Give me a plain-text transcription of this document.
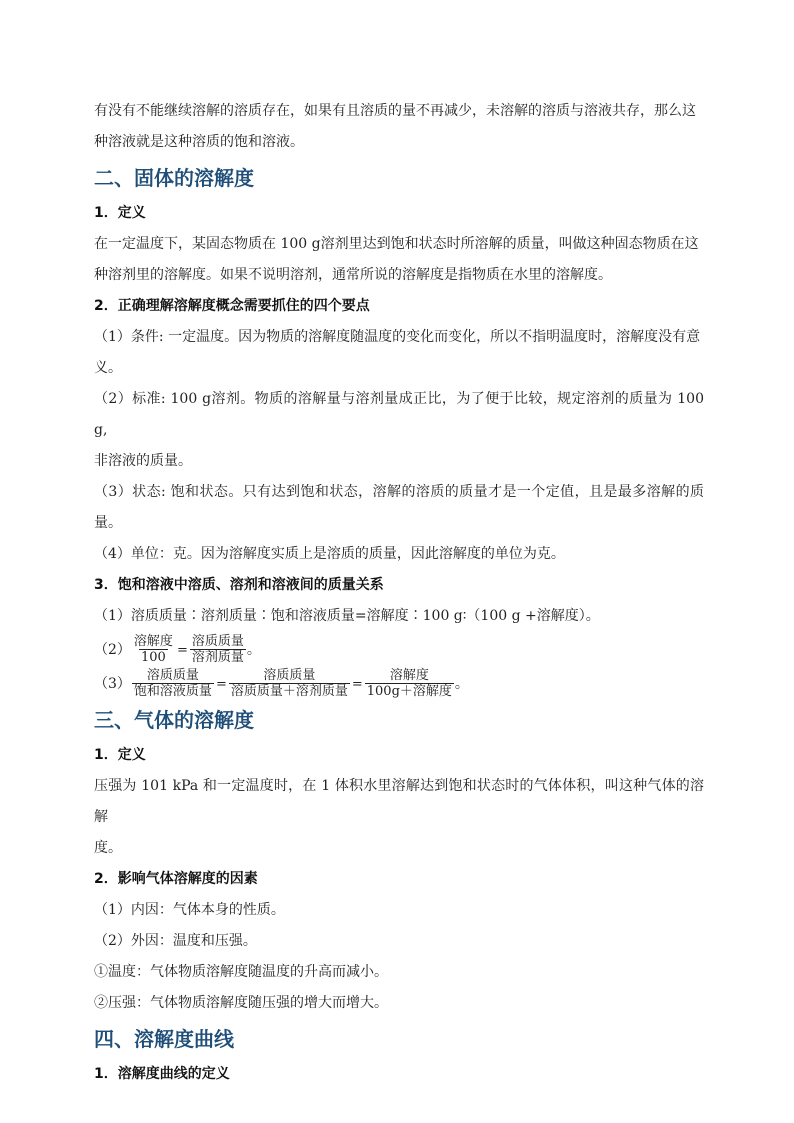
有没有不能继续溶解的溶质存在，如果有且溶质的量不再减少，未溶解的溶质与溶液共存，那么这

种溶液就是这种溶质的饱和溶液。

二、固体的溶解度
1．定义

在一定温度下，某固态物质在 100 g溶剂里达到饱和状态时所溶解的质量，叫做这种固态物质在这

种溶剂里的溶解度。如果不说明溶剂，通常所说的溶解度是指物质在水里的溶解度。

2．正确理解溶解度概念需要抓住的四个要点

（1）条件: 一定温度。因为物质的溶解度随温度的变化而变化，所以不指明温度时，溶解度没有意

义。

（2）标准: 100 g溶剂。物质的溶解量与溶剂量成正比，为了便于比较，规定溶剂的质量为 100 g,

非溶液的质量。

（3）状态: 饱和状态。只有达到饱和状态，溶解的溶质的质量才是一个定值，且是最多溶解的质量。

（4）单位：克。因为溶解度实质上是溶质的质量，因此溶解度的单位为克。

3．饱和溶液中溶质、溶剂和溶液间的质量关系

（1）溶质质量∶溶剂质量∶饱和溶液质量=溶解度∶100 g∶（100 g +溶解度）。

$(2) \frac{\text{溶解度}}{100} = \frac{\text{溶质质量}}{\text{溶剂质量}}$ 。
$(3) \frac{\text{溶质质量}}{\text{饱和溶液质量}} = \frac{\text{溶质质量}}{\text{溶质质量＋溶剂质量}} = \frac{\text{溶解度}}{\text{100g＋溶解度}}$ 。
三、气体的溶解度
1．定义

压强为 101 kPa 和一定温度时，在 1 体积水里溶解达到饱和状态时的气体体积，叫这种气体的溶解

度。

2．影响气体溶解度的因素

（1）内因：气体本身的性质。

（2）外因：温度和压强。

①温度：气体物质溶解度随温度的升高而减小。

②压强：气体物质溶解度随压强的增大而增大。

四、溶解度曲线
1．溶解度曲线的定义
